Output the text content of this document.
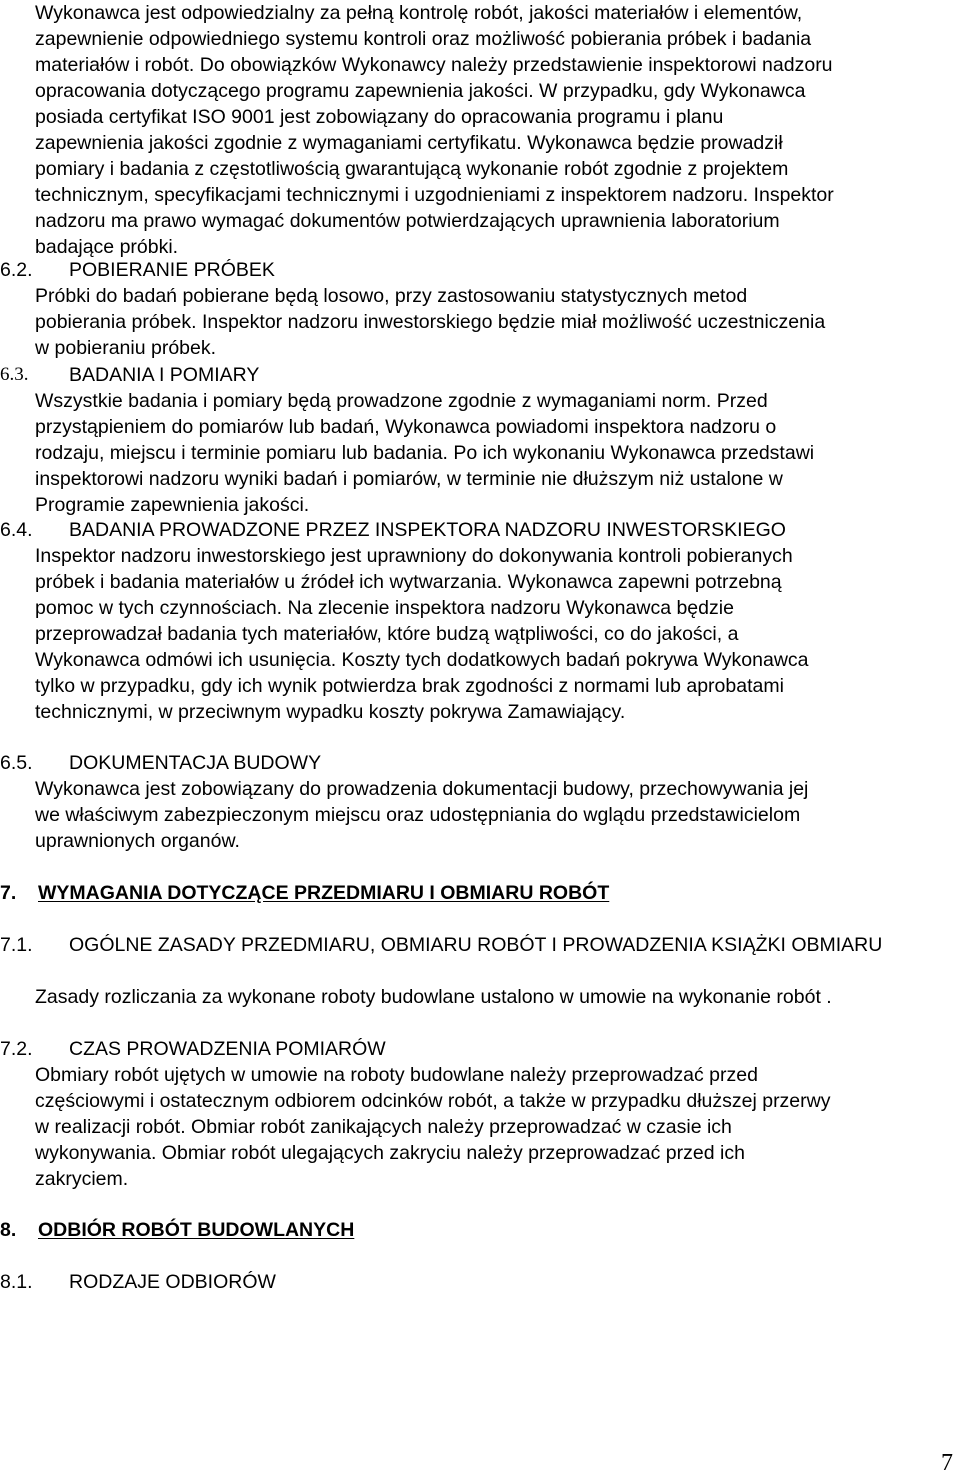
Wykonawca jest odpowiedzialny za pełną kontrolę robót, jakości materiałów i elementów,
zapewnienie odpowiedniego systemu kontroli oraz możliwość pobierania próbek i badania
materiałów i robót. Do obowiązków Wykonawcy należy przedstawienie inspektorowi nadzoru
opracowania dotyczącego programu zapewnienia jakości. W przypadku, gdy Wykonawca
posiada certyfikat ISO 9001 jest zobowiązany do opracowania programu i planu
zapewnienia jakości zgodnie z wymaganiami certyfikatu. Wykonawca będzie prowadził
pomiary i badania z częstotliwością gwarantującą wykonanie robót zgodnie z projektem
technicznym, specyfikacjami technicznymi i uzgodnieniami z inspektorem nadzoru. Inspektor
nadzoru ma prawo wymagać dokumentów potwierdzających uprawnienia laboratorium
badające próbki.
6.2. POBIERANIE PRÓBEK
Próbki do badań pobierane będą losowo, przy zastosowaniu statystycznych metod
pobierania próbek. Inspektor nadzoru inwestorskiego będzie miał możliwość uczestniczenia
w pobieraniu próbek.
6.3. BADANIA I POMIARY
Wszystkie badania i pomiary będą prowadzone zgodnie z wymaganiami norm. Przed
przystąpieniem do pomiarów lub badań, Wykonawca powiadomi inspektora nadzoru o
rodzaju, miejscu i terminie pomiaru lub badania. Po ich wykonaniu Wykonawca przedstawi
inspektorowi nadzoru wyniki badań i pomiarów, w terminie nie dłuższym niż ustalone w
Programie zapewnienia jakości.
6.4. BADANIA PROWADZONE PRZEZ INSPEKTORA NADZORU INWESTORSKIEGO
Inspektor nadzoru inwestorskiego jest uprawniony do dokonywania kontroli pobieranych
próbek i badania materiałów u źródeł ich wytwarzania. Wykonawca zapewni potrzebną
pomoc w tych czynnościach. Na zlecenie inspektora nadzoru Wykonawca będzie
przeprowadzał badania tych materiałów, które budzą wątpliwości, co do jakości, a
Wykonawca odmówi ich usunięcia. Koszty tych dodatkowych badań pokrywa Wykonawca
tylko w przypadku, gdy ich wynik potwierdza brak zgodności z normami lub aprobatami
technicznymi, w przeciwnym wypadku koszty pokrywa Zamawiający.
6.5. DOKUMENTACJA BUDOWY
Wykonawca jest zobowiązany do prowadzenia dokumentacji budowy, przechowywania jej
we właściwym zabezpieczonym miejscu oraz udostępniania do wglądu przedstawicielom
uprawnionych organów.
7. WYMAGANIA DOTYCZĄCE PRZEDMIARU I OBMIARU ROBÓT
7.1. OGÓLNE ZASADY PRZEDMIARU, OBMIARU ROBÓT I PROWADZENIA KSIĄŻKI OBMIARU
Zasady rozliczania za wykonane roboty budowlane ustalono w umowie na wykonanie robót .
7.2. CZAS PROWADZENIA POMIARÓW
Obmiary robót ujętych w umowie na roboty budowlane należy przeprowadzać przed
częściowymi i ostatecznym odbiorem odcinków robót, a także w przypadku dłuższej przerwy
w realizacji robót. Obmiar robót zanikających należy przeprowadzać w czasie ich
wykonywania. Obmiar robót ulegających zakryciu należy przeprowadzać przed ich
zakryciem.
8. ODBIÓR ROBÓT BUDOWLANYCH
8.1. RODZAJE ODBIORÓW
7
